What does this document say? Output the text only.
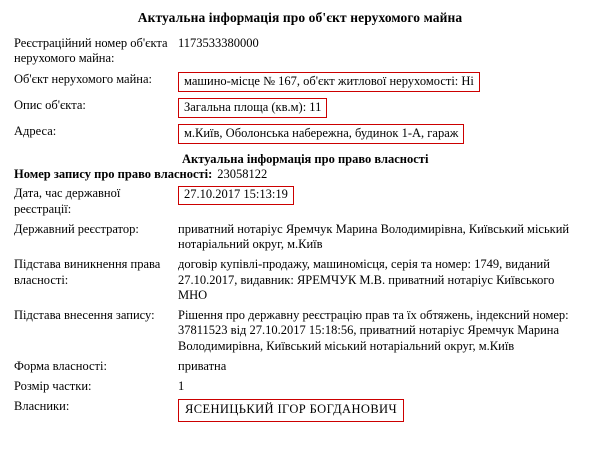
Актуальна інформація про об'єкт нерухомого майна
Реєстраційний номер об'єкта нерухомого майна:
1173533380000
Об'єкт нерухомого майна:	машино-місце № 167, об'єкт житлової нерухомості: Ні
Опис об'єкта:	Загальна площа (кв.м): 11
Адреса:	м.Київ, Оболонська набережна, будинок 1-А, гараж
Актуальна інформація про право власності
Номер запису про право власності: 23058122
Дата, час державної реєстрації:
27.10.2017 15:13:19
Державний реєстратор:	приватний нотаріус Яремчук Марина Володимирівна, Київський міський нотаріальний округ, м.Київ
Підстава виникнення права власності:
договір купівлі-продажу, машиномісця, серія та номер: 1749, виданий 27.10.2017, видавник: ЯРЕМЧУК М.В. приватний нотаріус Київського МНО
Підстава внесення запису:	Рішення про державну реєстрацію прав та їх обтяжень, індексний номер: 37811523 від 27.10.2017 15:18:56, приватний нотаріус Яремчук Марина Володимирівна, Київський міський нотаріальний округ, м.Київ
Форма власності:	приватна
Розмір частки:	1
Власники:	ЯСЕНИЦЬКИЙ ІГОР БОГДАНОВИЧ
